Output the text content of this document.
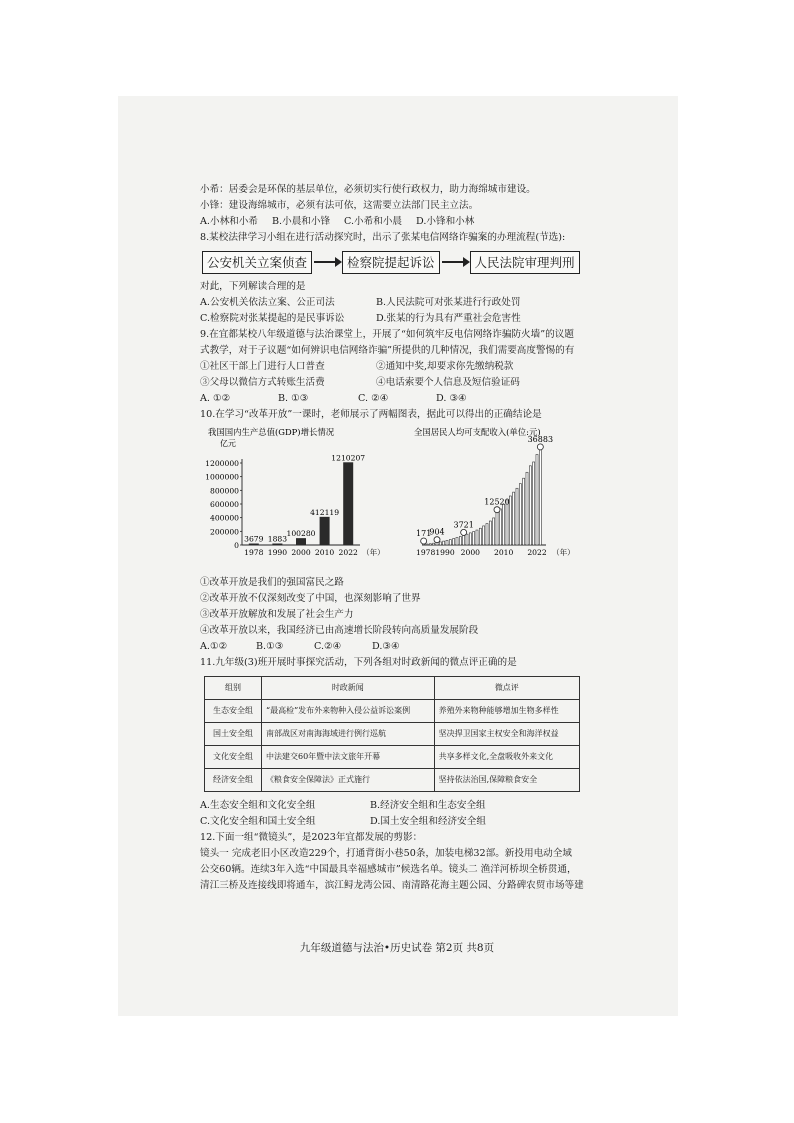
小希：居委会是环保的基层单位，必须切实行使行政权力，助力海绵城市建设。
小锋：建设海绵城市，必须有法可依，这需要立法部门民主立法。
A.小林和小希	B.小晨和小锋	C.小希和小晨	D.小锋和小林
8.某校法律学习小组在进行活动探究时，出示了张某电信网络诈骗案的办理流程(节选):
公安机关立案侦查	检察院提起诉讼	人民法院审理判刑
对此，下列解读合理的是
A.公安机关依法立案、公正司法	B.人民法院可对张某进行行政处罚
C.检察院对张某提起的是民事诉讼	D.张某的行为具有严重社会危害性
9.在宜都某校八年级道德与法治课堂上，开展了“如何筑牢反电信网络诈骗防火墙”的议题
式教学，对于子议题“如何辨识电信网络诈骗”所提供的几种情况，我们需要高度警惕的有
①社区干部上门进行人口普查	②通知中奖,却要求你先缴纳税款
③父母以微信方式转账生活费	④电话索要个人信息及短信验证码
A. ①②	B. ①③	C. ②④	D. ③④
10.在学习“改革开放”一课时，老师展示了两幅图表，据此可以得出的正确结论是
我国国内生产总值(GDP)增长情况
亿元
1200000
1000000
800000
600000
400000
200000
0
3679
1978
1883
1990
100280
2000
412119
2010
1210207
2022 （年）
全国居民人均可支配收入(单位:元)
171
904
3721
12520
36883
1978 1990 2000 2010 2022 （年）
①改革开放是我们的强国富民之路
②改革开放不仅深刻改变了中国，也深刻影响了世界
③改革开放解放和发展了社会生产力
④改革开放以来，我国经济已由高速增长阶段转向高质量发展阶段
A.①②	B.①③	C.②④	D.③④
11.九年级(3)班开展时事探究活动，下列各组对时政新闻的微点评正确的是
组别	时政新闻	微点评
生态安全组	“最高检”发布外来物种入侵公益诉讼案例	养殖外来物种能够增加生物多样性
国土安全组	南部战区对南海海域进行例行巡航	坚决捍卫国家主权安全和海洋权益
文化安全组	中法建交60年暨中法文旅年开幕	共享多样文化,全盘吸收外来文化
经济安全组	《粮食安全保障法》正式施行	坚持依法治国,保障粮食安全
A.生态安全组和文化安全组	B.经济安全组和生态安全组
C.文化安全组和国土安全组	D.国土安全组和经济安全组
12.下面一组“微镜头”，是2023年宜都发展的剪影：
镜头一 完成老旧小区改造229个，打通背街小巷50条，加装电梯32部。新投用电动全域
公交60辆。连续3年入选“中国最具幸福感城市”候选名单。镜头二 渔洋河桥坝全桥贯通，
清江三桥及连接线即将通车，滨江鲟龙湾公园、南清路花海主题公园、分路碑农贸市场等建
九年级道德与法治•历史试卷 第2页 共8页
